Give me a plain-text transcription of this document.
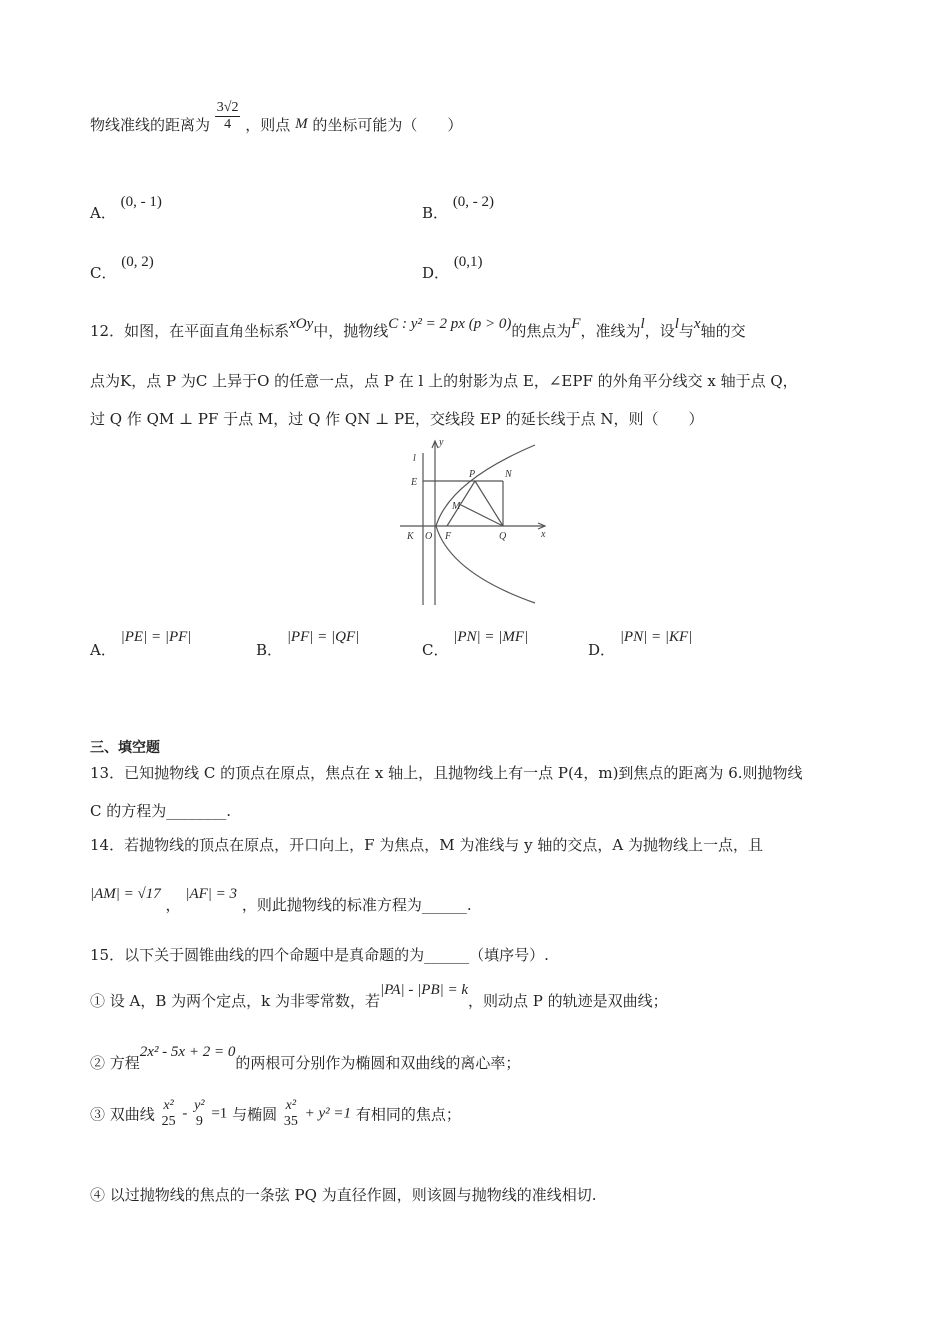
物线准线的距离为 $\frac{3√2}{4}$ ，则点 M 的坐标可能为（　　）
A． (0, - 1)
B． (0, - 2)
C． (0, 2)
D． (0,1)
12．如图，在平面直角坐标系xOy中，抛物线C : y² = 2 px (p > 0)的焦点为F，准线为l，设l与x轴的交
点为K，点 P 为C 上异于O 的任意一点，点 P 在 l 上的射影为点 E，∠EPF 的外角平分线交 x 轴于点 Q，
过 Q 作 QM ⊥ PF 于点 M，过 Q 作 QN ⊥ PE，交线段 EP 的延长线于点 N，则（　　）
y
l
E
P	N
M
K O F	Q	x
A． |PE| = |PF|
B． |PF| = |QF|
C． |PN| = |MF|
D． |PN| = |KF|
三、填空题
13．已知抛物线 C 的顶点在原点，焦点在 x 轴上，且抛物线上有一点 P(4，m)到焦点的距离为 6.则抛物线
C 的方程为________.
14．若抛物线的顶点在原点，开口向上，F 为焦点，M 为准线与 y 轴的交点，A 为抛物线上一点，且
|AM| = √17 ， |AF| = 3 ，则此抛物线的标准方程为______.
15．以下关于圆锥曲线的四个命题中是真命题的为______（填序号）.
① 设 A，B 为两个定点，k 为非零常数，若|PA| - |PB| = k，则动点 P 的轨迹是双曲线；
② 方程2x² - 5x + 2 = 0的两根可分别作为椭圆和双曲线的离心率；
③ 双曲线 x²
25 - y²
9 =1 与椭圆 x²
35 + y² =1 有相同的焦点；
④ 以过抛物线的焦点的一条弦 PQ 为直径作圆，则该圆与抛物线的准线相切.
